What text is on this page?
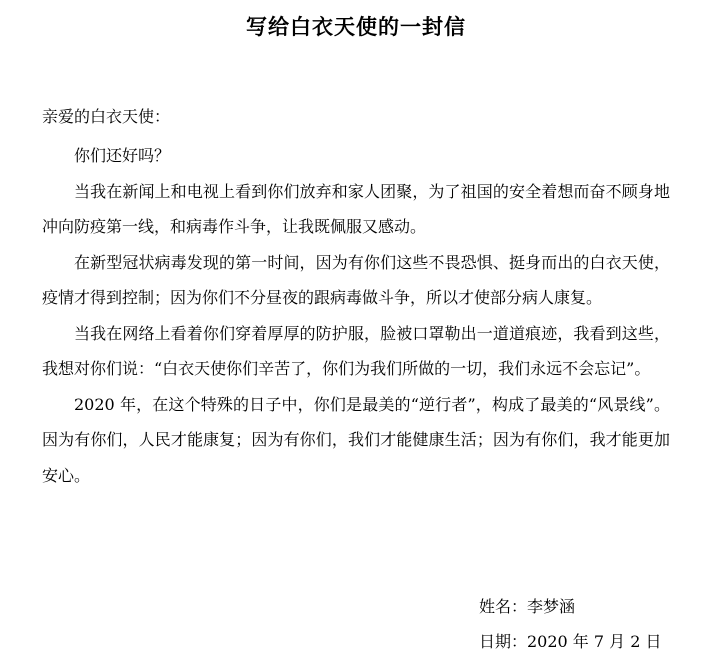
写给白衣天使的一封信
亲爱的白衣天使：

你们还好吗？

当我在新闻上和电视上看到你们放弃和家人团聚，为了祖国的安全着想而奋不顾身地冲向防疫第一线，和病毒作斗争，让我既佩服又感动。

在新型冠状病毒发现的第一时间，因为有你们这些不畏恐惧、挺身而出的白衣天使，疫情才得到控制；因为你们不分昼夜的跟病毒做斗争，所以才使部分病人康复。

当我在网络上看着你们穿着厚厚的防护服，脸被口罩勒出一道道痕迹，我看到这些，我想对你们说：“白衣天使你们辛苦了，你们为我们所做的一切，我们永远不会忘记”。

2020 年，在这个特殊的日子中，你们是最美的“逆行者”，构成了最美的“风景线”。因为有你们，人民才能康复；因为有你们，我们才能健康生活；因为有你们，我才能更加安心。

姓名：李梦涵
日期：2020 年 7 月 2 日
